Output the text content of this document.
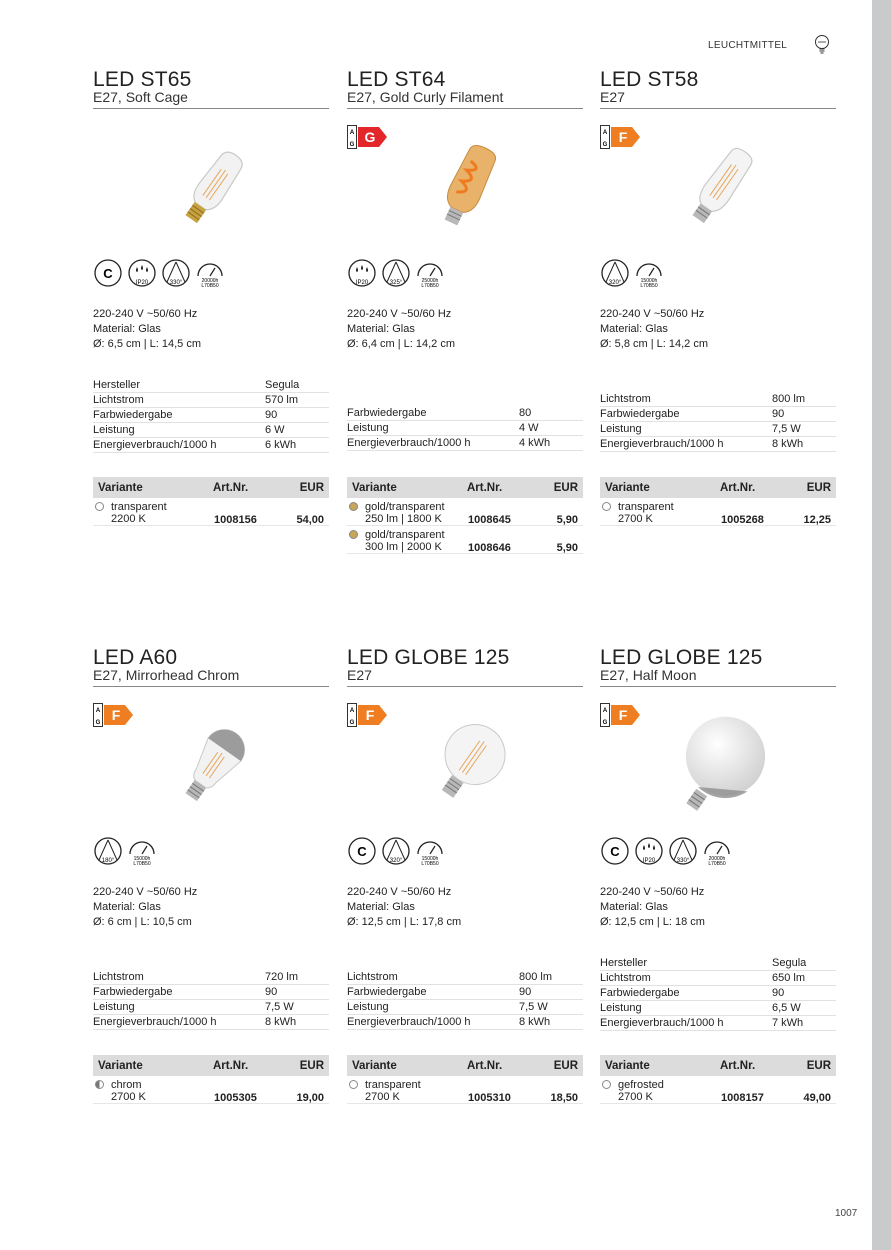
LEUCHTMITTEL
1007
LED ST65
E27, Soft Cage
C
IP20	330°	20000h
L70B50
220-240 V ~50/60 Hz
Material: Glas
Ø: 6,5 cm | L: 14,5 cm
Hersteller	Segula
Lichtstrom	570 lm
Farbwiedergabe	90
Leistung	6 W
Energieverbrauch/1000 h	6 kWh
Variante	Art.Nr.	EUR
transparent
2200 K	1008156	54,00
LED ST64
E27, Gold Curly Filament
A
G G
IP20	325°	25000h
L70B50
220-240 V ~50/60 Hz
Material: Glas
Ø: 6,4 cm | L: 14,2 cm
Farbwiedergabe	80
Leistung	4 W
Energieverbrauch/1000 h	4 kWh
Variante	Art.Nr.	EUR
gold/transparent
250 lm | 1800 K 1008645	5,90
gold/transparent
300 lm | 2000 K 1008646	5,90
LED ST58
E27
A
G F
320°	15000h
L70B50
220-240 V ~50/60 Hz
Material: Glas
Ø: 5,8 cm | L: 14,2 cm
Lichtstrom	800 lm
Farbwiedergabe	90
Leistung	7,5 W
Energieverbrauch/1000 h	8 kWh
Variante	Art.Nr.	EUR
transparent
2700 K	1005268	12,25
LED A60
E27, Mirrorhead Chrom
A
G F
180°	15000h
L70B50
220-240 V ~50/60 Hz
Material: Glas
Ø: 6 cm | L: 10,5 cm
Lichtstrom	720 lm
Farbwiedergabe	90
Leistung	7,5 W
Energieverbrauch/1000 h	8 kWh
Variante	Art.Nr.	EUR
chrom
2700 K	1005305	19,00
LED GLOBE 125
E27
A
G F
C
320°	15000h
L70B50
220-240 V ~50/60 Hz
Material: Glas
Ø: 12,5 cm | L: 17,8 cm
Lichtstrom	800 lm
Farbwiedergabe	90
Leistung	7,5 W
Energieverbrauch/1000 h	8 kWh
Variante	Art.Nr.	EUR
transparent
2700 K	1005310	18,50
LED GLOBE 125
E27, Half Moon
A
G F
C
IP20	330°	20000h
L70B50
220-240 V ~50/60 Hz
Material: Glas
Ø: 12,5 cm | L: 18 cm
Hersteller	Segula
Lichtstrom	650 lm
Farbwiedergabe	90
Leistung	6,5 W
Energieverbrauch/1000 h	7 kWh
Variante	Art.Nr.	EUR
gefrosted
2700 K	1008157	49,00
